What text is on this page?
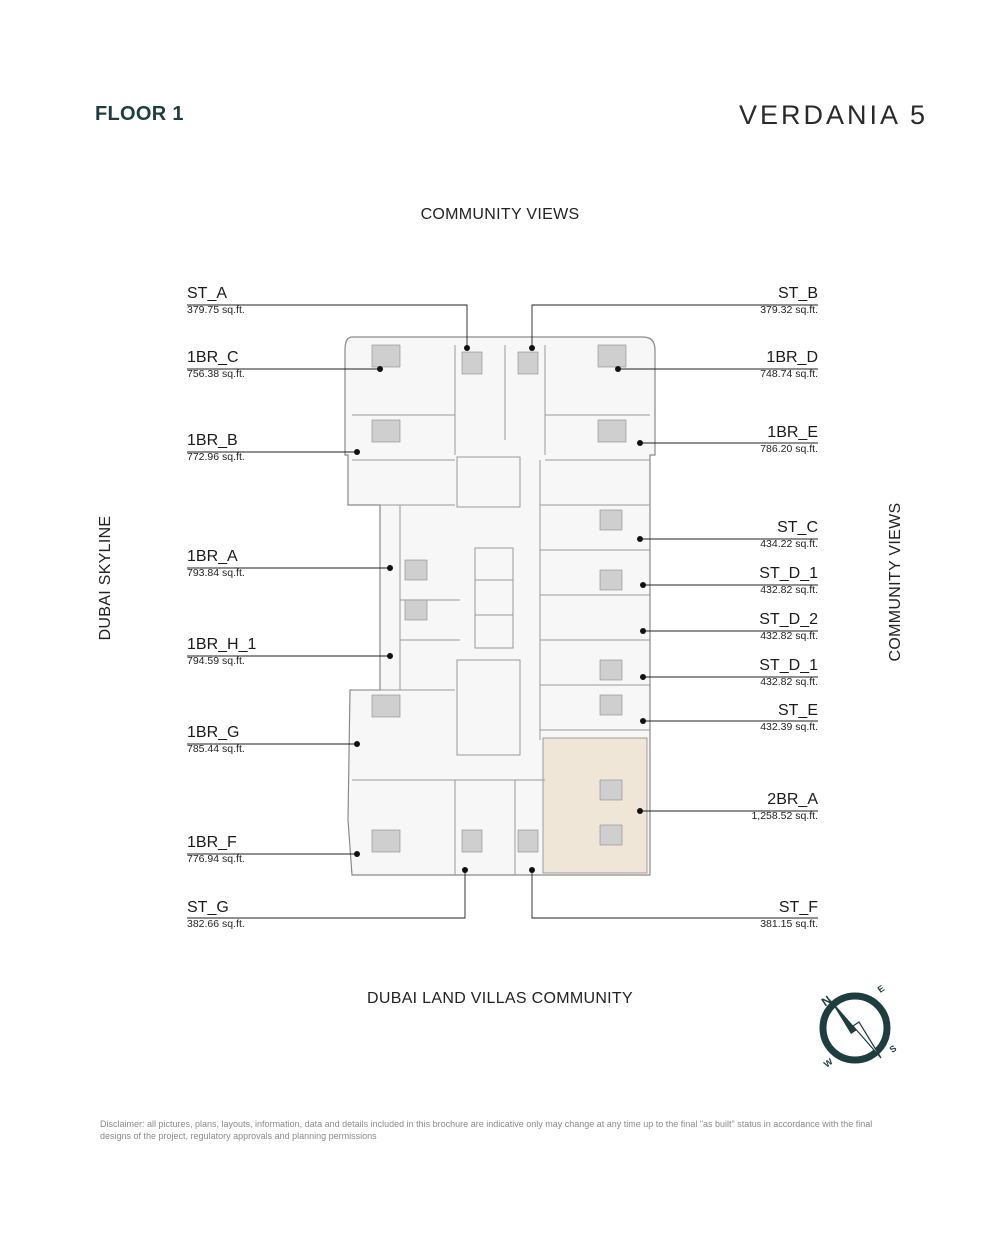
FLOOR 1	VERDANIA 5
COMMUNITY VIEWS
DUBAI LAND VILLAS COMMUNITY
DUBAI SKYLINE	COMMUNITY VIEWS
N
E
S
W
ST_A
379.75 sq.ft.
1BR_C
756.38 sq.ft.
1BR_B
772.96 sq.ft.
1BR_A
793.84 sq.ft.
1BR_H_1
794.59 sq.ft.
1BR_G
785.44 sq.ft.
1BR_F
776.94 sq.ft.
ST_G
382.66 sq.ft.
ST_B
379.32 sq.ft.
1BR_D
748.74 sq.ft.
1BR_E
786.20 sq.ft.
ST_C
434.22 sq.ft.
ST_D_1
432.82 sq.ft.
ST_D_2
432.82 sq.ft.
ST_D_1
432.82 sq.ft.
ST_E
432.39 sq.ft.
2BR_A
1,258.52 sq.ft.
ST_F
381.15 sq.ft.
Disclaimer: all pictures, plans, layouts, information, data and details included in this brochure are indicative only may change at any time up to the final "as built" status in accordance with the final designs of the project, regulatory approvals and planning permissions
